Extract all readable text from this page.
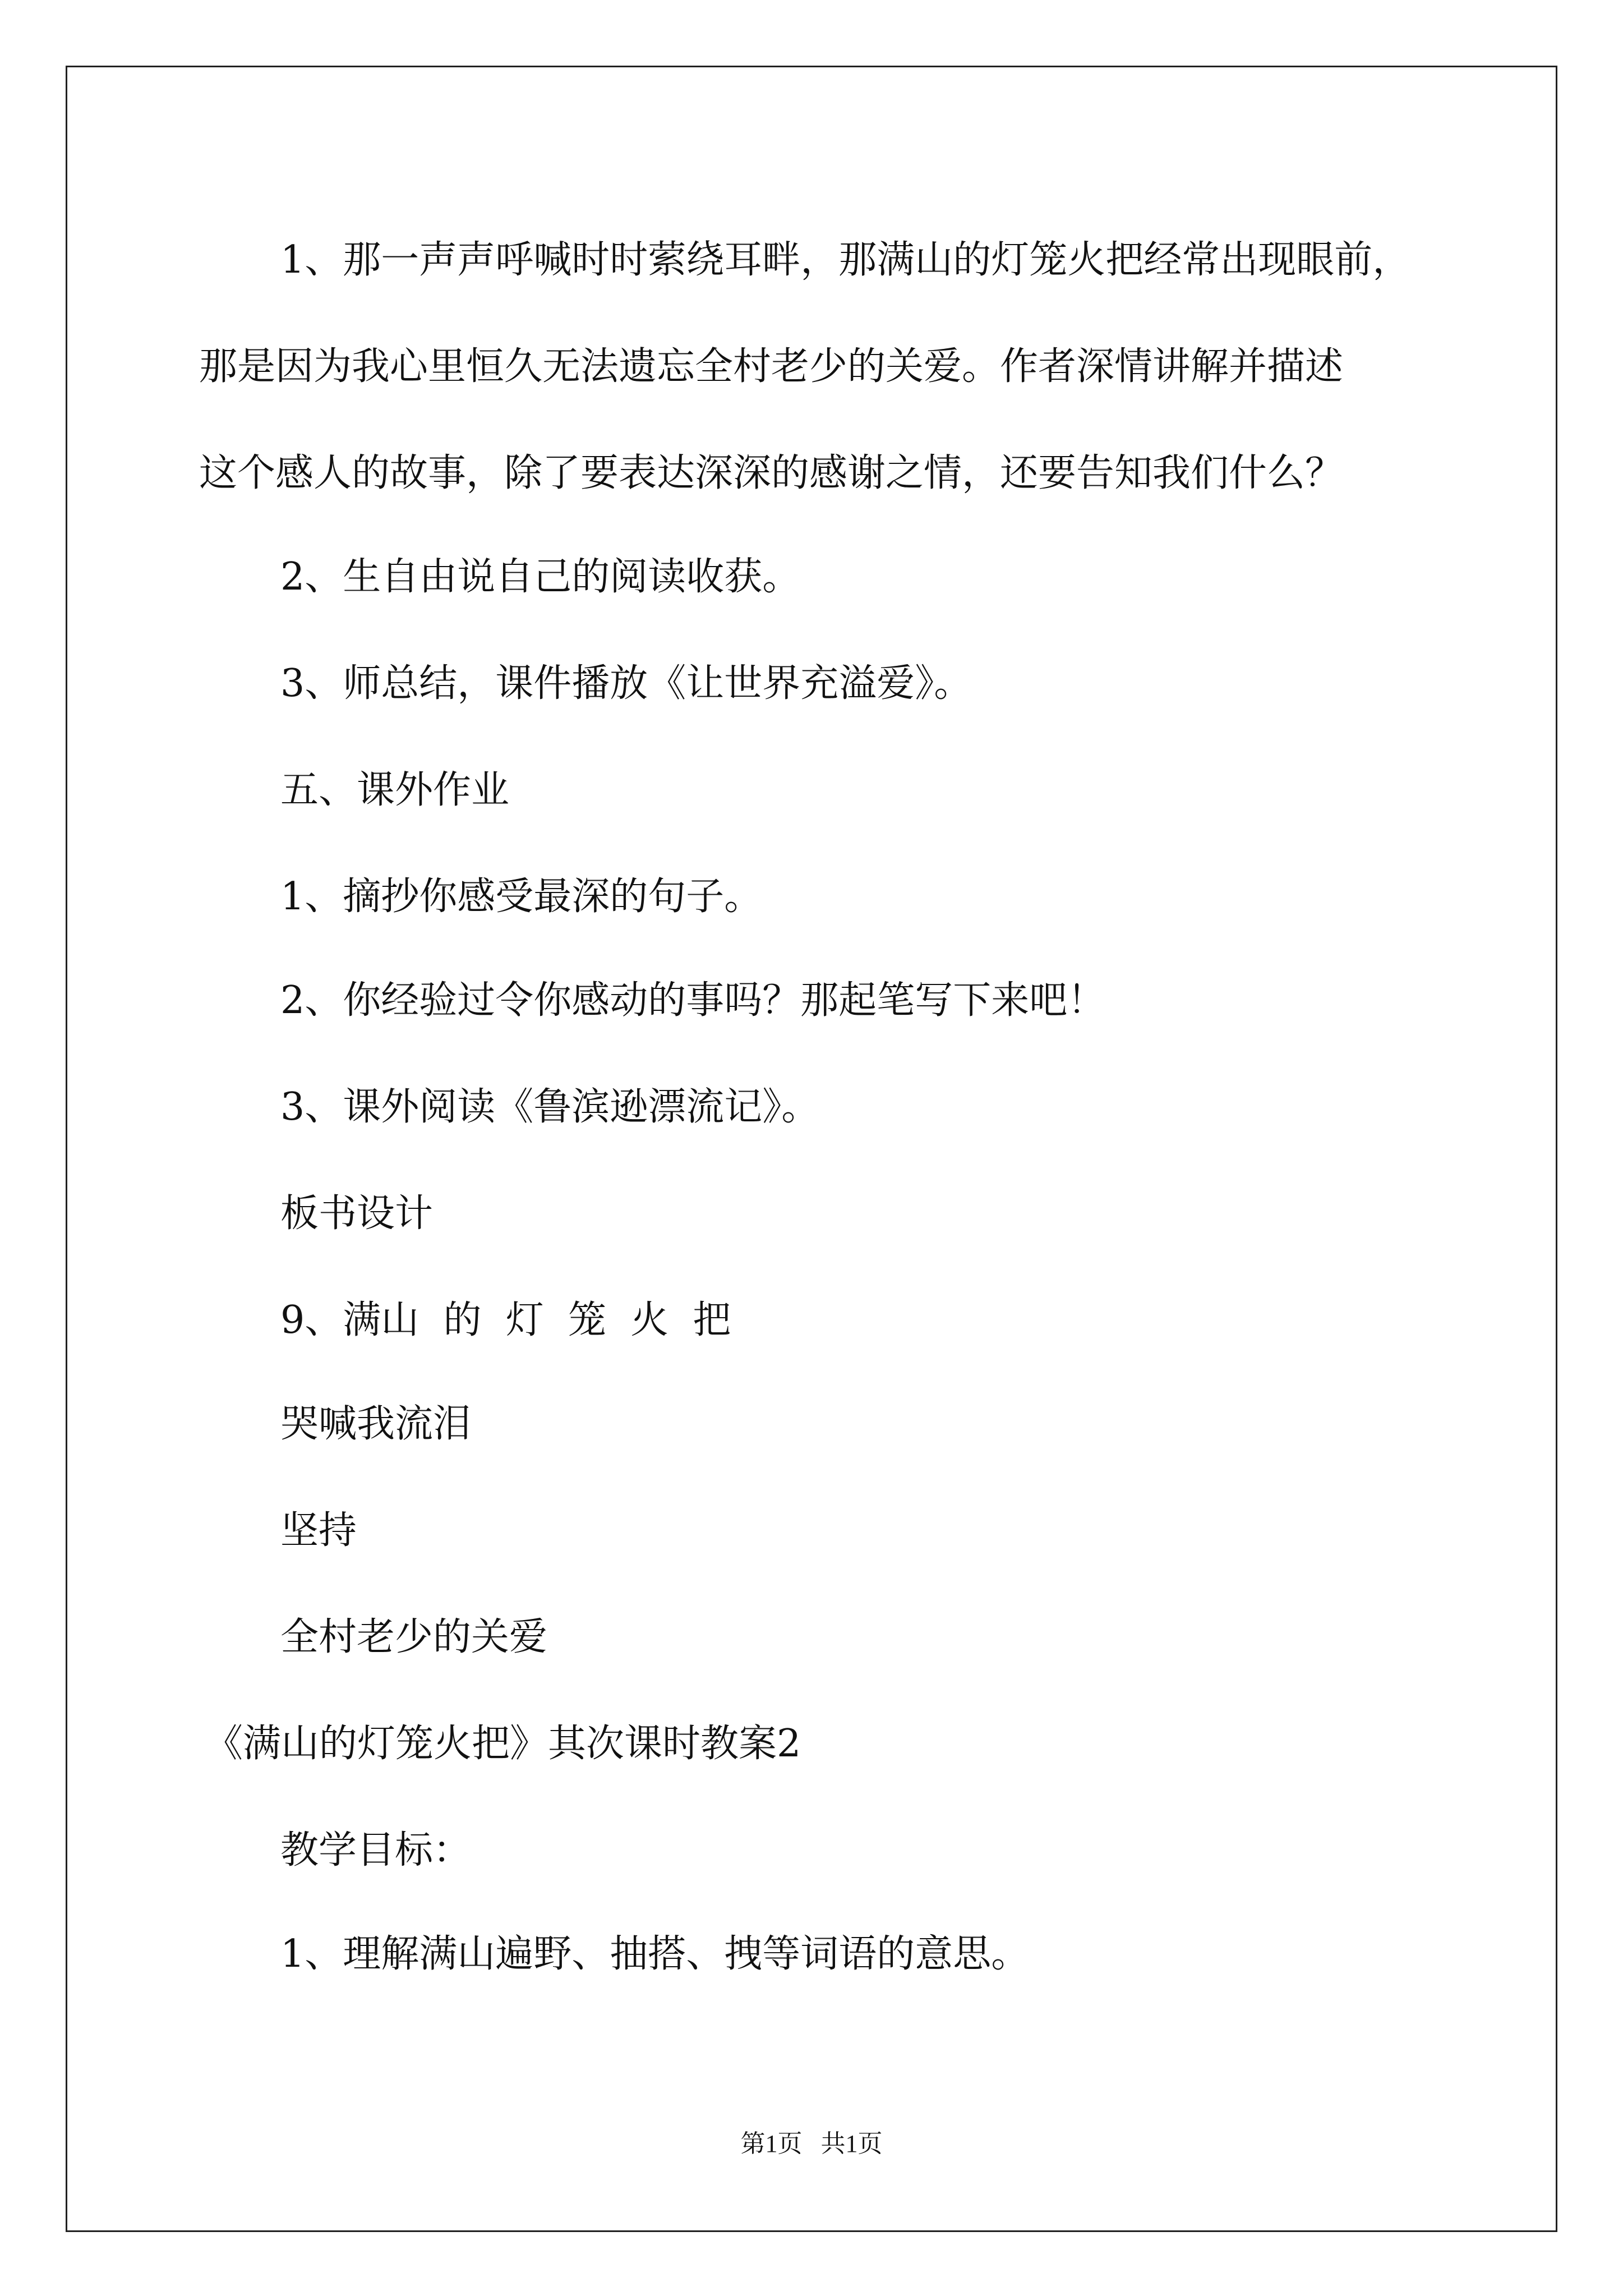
1、那一声声呼喊时时萦绕耳畔，那满山的灯笼火把经常出现眼前，
那是因为我心里恒久无法遗忘全村老少的关爱。作者深情讲解并描述
这个感人的故事，除了要表达深深的感谢之情，还要告知我们什么？
2、生自由说自己的阅读收获。
3、师总结，课件播放《让世界充溢爱》。
五、课外作业
1、摘抄你感受最深的句子。
2、你经验过令你感动的事吗？那起笔写下来吧！
3、课外阅读《鲁滨逊漂流记》。
板书设计
9、满山  的  灯  笼  火  把
哭喊我流泪
坚持
全村老少的关爱
《满山的灯笼火把》其次课时教案2
教学目标：
1、理解满山遍野、抽搭、拽等词语的意思。
第1页   共1页
